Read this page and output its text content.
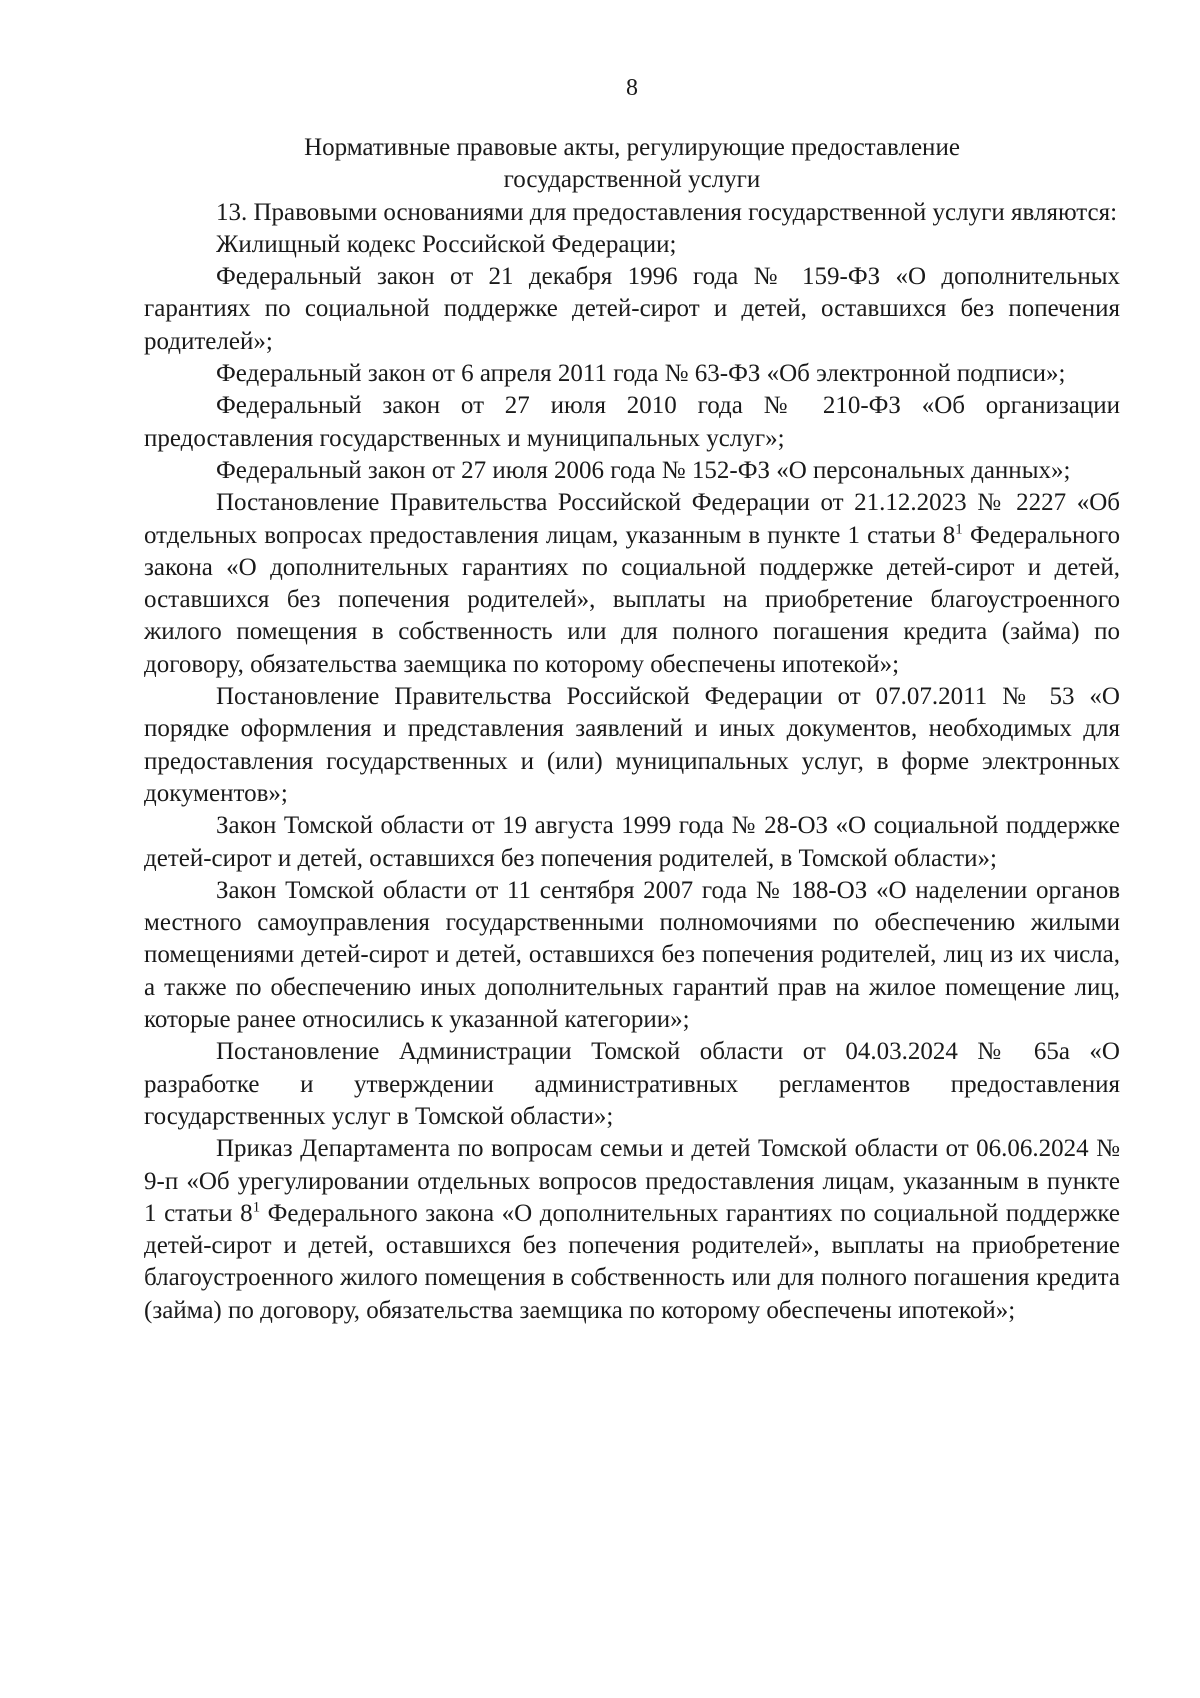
8

Нормативные правовые акты, регулирующие предоставление
государственной услуги

13. Правовыми основаниями для предоставления государственной услуги являются:

Жилищный кодекс Российской Федерации;

Федеральный закон от 21 декабря 1996 года № 159-ФЗ «О дополнительных гарантиях по социальной поддержке детей-сирот и детей, оставшихся без попечения родителей»;

Федеральный закон от 6 апреля 2011 года № 63-ФЗ «Об электронной подписи»;

Федеральный закон от 27 июля 2010 года № 210-ФЗ «Об организации предоставления государственных и муниципальных услуг»;

Федеральный закон от 27 июля 2006 года № 152-ФЗ «О персональных данных»;

Постановление Правительства Российской Федерации от 21.12.2023 № 2227 «Об отдельных вопросах предоставления лицам, указанным в пункте 1 статьи $8^1$ Федерального закона «О дополнительных гарантиях по социальной поддержке детей-сирот и детей, оставшихся без попечения родителей», выплаты на приобретение благоустроенного жилого помещения в собственность или для полного погашения кредита (займа) по договору, обязательства заемщика по которому обеспечены ипотекой»;

Постановление Правительства Российской Федерации от 07.07.2011 № 53 «О порядке оформления и представления заявлений и иных документов, необходимых для предоставления государственных и (или) муниципальных услуг, в форме электронных документов»;

Закон Томской области от 19 августа 1999 года № 28-ОЗ «О социальной поддержке детей-сирот и детей, оставшихся без попечения родителей, в Томской области»;

Закон Томской области от 11 сентября 2007 года № 188-ОЗ «О наделении органов местного самоуправления государственными полномочиями по обеспечению жилыми помещениями детей-сирот и детей, оставшихся без попечения родителей, лиц из их числа, а также по обеспечению иных дополнительных гарантий прав на жилое помещение лиц, которые ранее относились к указанной категории»;

Постановление Администрации Томской области от 04.03.2024 № 65а «О разработке и утверждении административных регламентов предоставления государственных услуг в Томской области»;

Приказ Департамента по вопросам семьи и детей Томской области от 06.06.2024 № 9-п «Об урегулировании отдельных вопросов предоставления лицам, указанным в пункте 1 статьи $8^1$ Федерального закона «О дополнительных гарантиях по социальной поддержке детей-сирот и детей, оставшихся без попечения родителей», выплаты на приобретение благоустроенного жилого помещения в собственность или для полного погашения кредита (займа) по договору, обязательства заемщика по которому обеспечены ипотекой»;
